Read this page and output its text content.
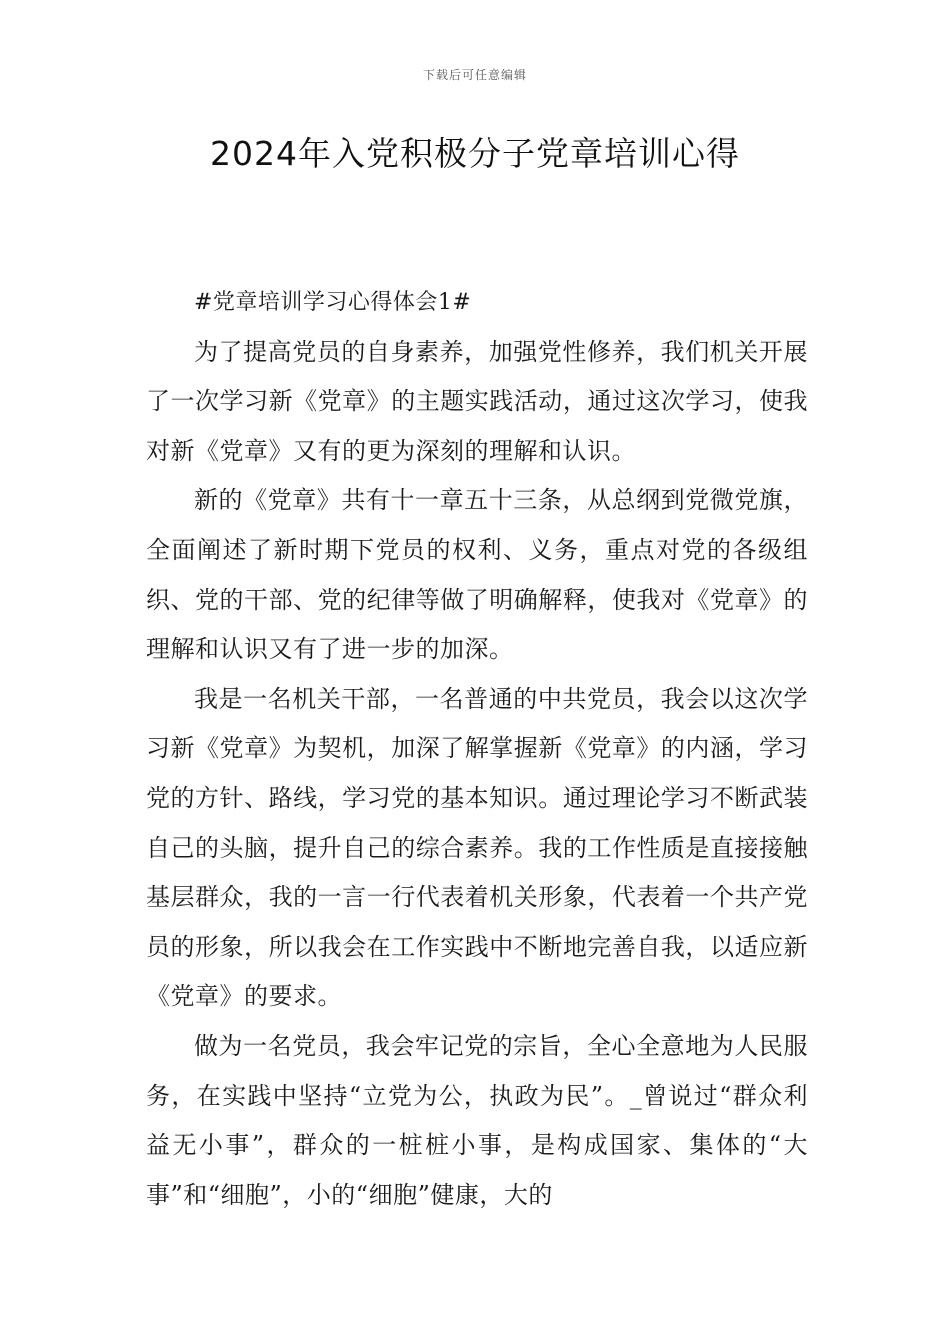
下载后可任意编辑
2024年入党积极分子党章培训心得

#党章培训学习心得体会1#

为了提高党员的自身素养，加强党性修养，我们机关开展了一次学习新《党章》的主题实践活动，通过这次学习，使我对新《党章》又有的更为深刻的理解和认识。

新的《党章》共有十一章五十三条，从总纲到党微党旗，全面阐述了新时期下党员的权利、义务，重点对党的各级组织、党的干部、党的纪律等做了明确解释，使我对《党章》的理解和认识又有了进一步的加深。

我是一名机关干部，一名普通的中共党员，我会以这次学习新《党章》为契机，加深了解掌握新《党章》的内涵，学习党的方针、路线，学习党的基本知识。通过理论学习不断武装自己的头脑，提升自己的综合素养。我的工作性质是直接接触基层群众，我的一言一行代表着机关形象，代表着一个共产党员的形象，所以我会在工作实践中不断地完善自我，以适应新《党章》的要求。

做为一名党员，我会牢记党的宗旨，全心全意地为人民服务，在实践中坚持“立党为公，执政为民”。_曾说过“群众利益无小事”，群众的一桩桩小事，是构成国家、集体的“大事”和“细胞”，小的“细胞”健康，大的
